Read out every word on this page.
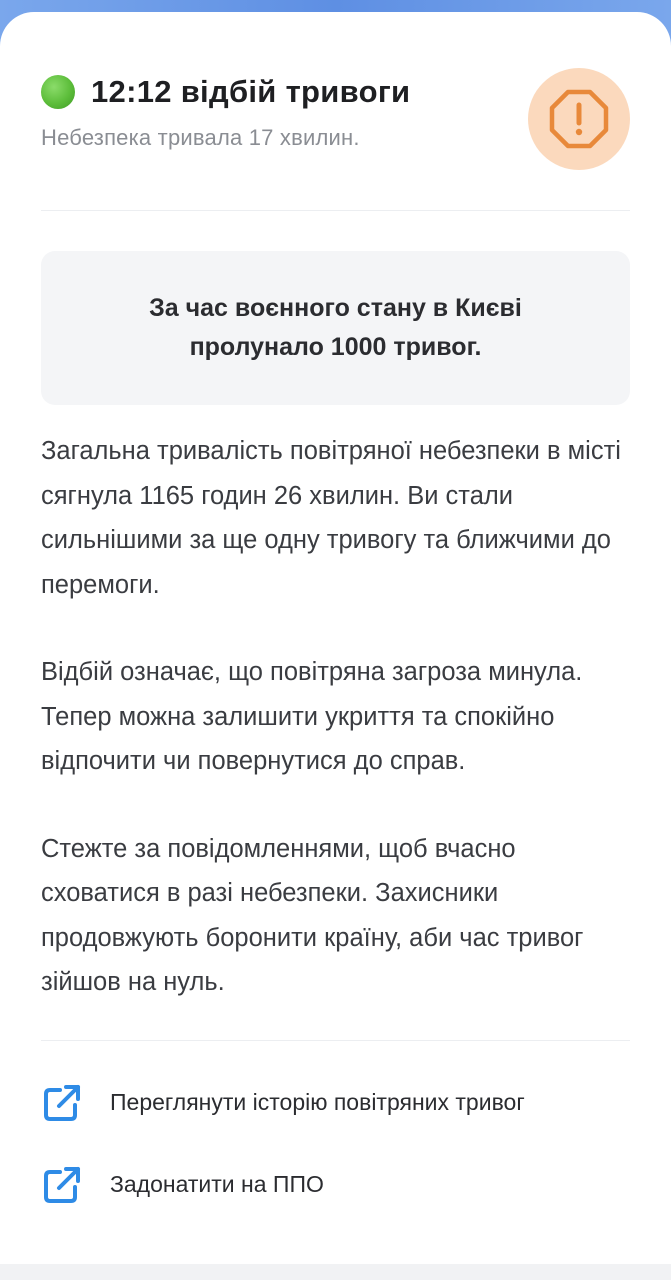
12:12 відбій тривоги
Небезпека тривала 17 хвилин.
За час воєнного стану в Києві пролунало 1000 тривог.

Загальна тривалість повітряної небезпеки в місті сягнула 1165 годин 26 хвилин. Ви стали сильнішими за ще одну тривогу та ближчими до перемоги.

Відбій означає, що повітряна загроза минула. Тепер можна залишити укриття та спокійно відпочити чи повернутися до справ.

Стежте за повідомленнями, щоб вчасно сховатися в разі небезпеки. Захисники продовжують боронити країну, аби час тривог зійшов на нуль.

Переглянути історію повітряних тривог
Задонатити на ППО
